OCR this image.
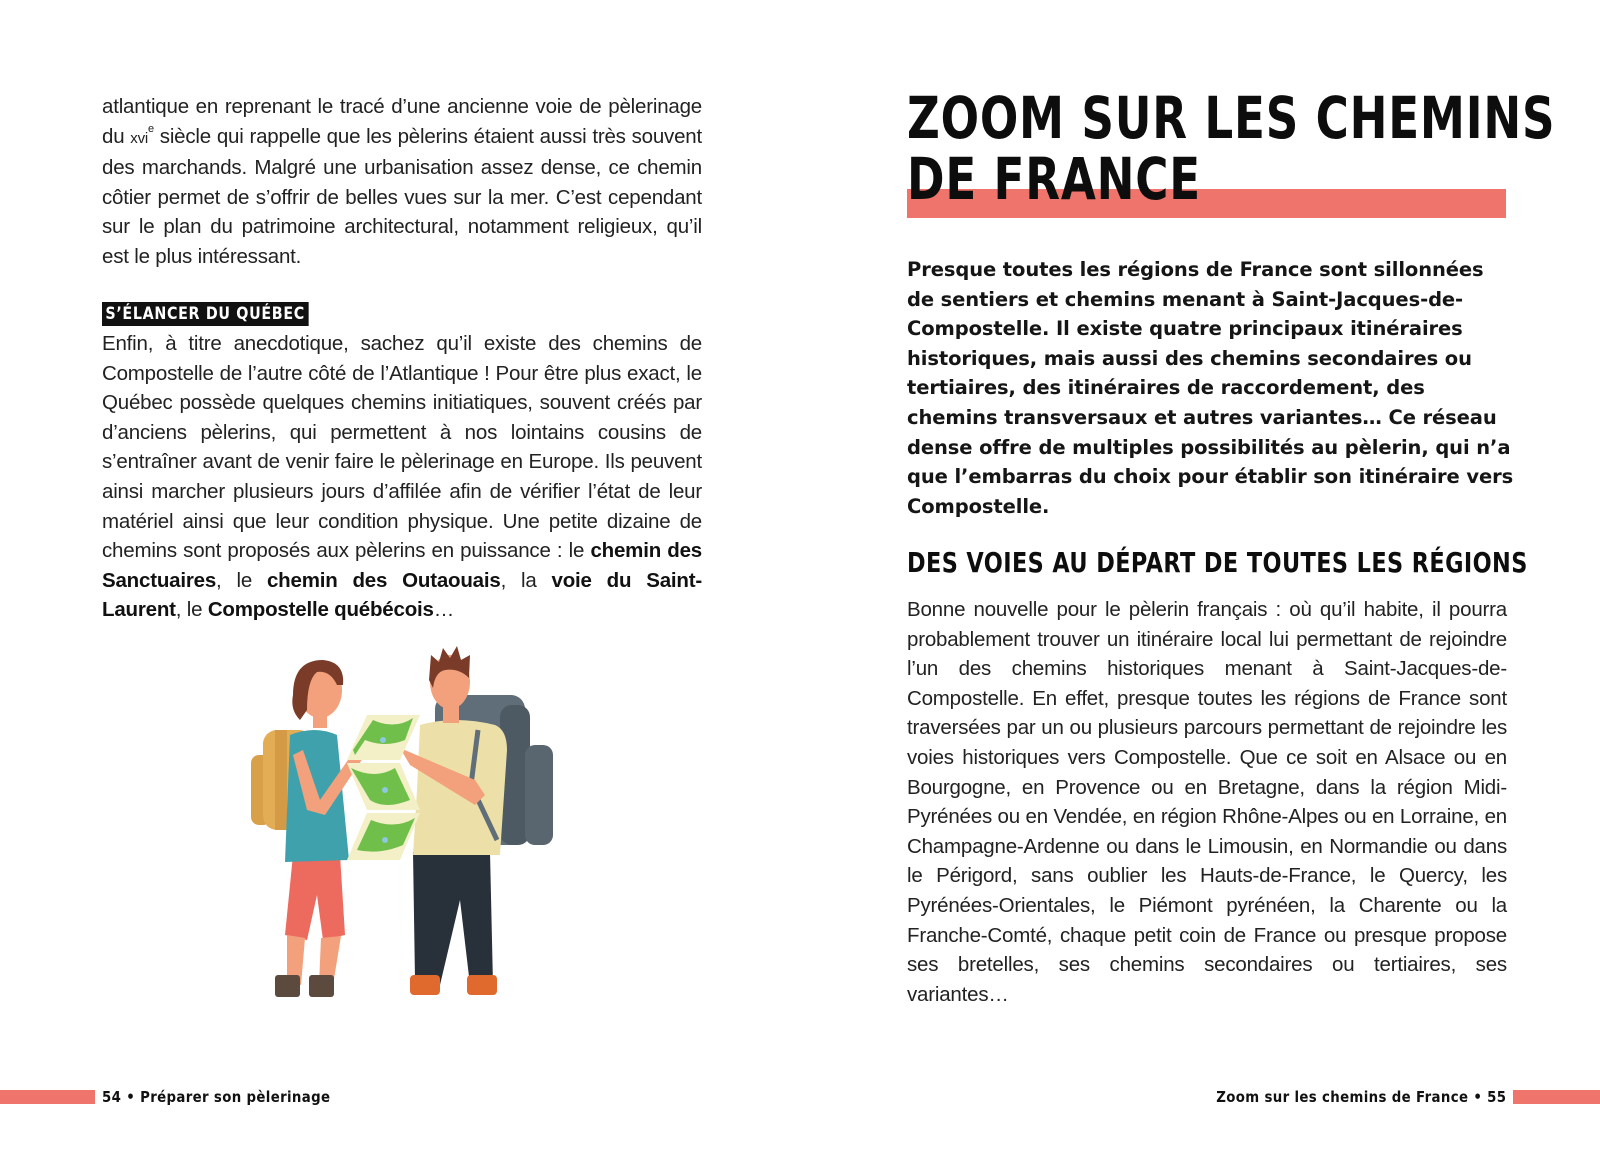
atlantique en reprenant le tracé d’une ancienne voie de pèlerinage du xvi$^e$ siècle qui rappelle que les pèlerins étaient aussi très souvent des marchands. Malgré une urbanisation assez dense, ce chemin côtier permet de s’offrir de belles vues sur la mer. C’est cependant sur le plan du patrimoine architectural, notamment religieux, qu’il est le plus intéressant.

S’ÉLANCER DU QUÉBEC

Enfin, à titre anecdotique, sachez qu’il existe des chemins de Compostelle de l’autre côté de l’Atlantique ! Pour être plus exact, le Québec possède quelques chemins initiatiques, souvent créés par d’anciens pèlerins, qui permettent à nos lointains cousins de s’entraîner avant de venir faire le pèlerinage en Europe. Ils peuvent ainsi marcher plusieurs jours d’affilée afin de vérifier l’état de leur matériel ainsi que leur condition physique. Une petite dizaine de chemins sont proposés aux pèlerins en puissance : le chemin des Sanctuaires, le chemin des Outaouais, la voie du Saint-Laurent, le Compostelle québécois…

54 • Préparer son pèlerinage
ZOOM SUR LES CHEMINS
DE FRANCE

Presque toutes les régions de France sont sillonnées de sentiers et chemins menant à Saint-Jacques-de-Compostelle. Il existe quatre principaux itinéraires historiques, mais aussi des chemins secondaires ou tertiaires, des itinéraires de raccordement, des chemins transversaux et autres variantes… Ce réseau dense offre de multiples possibilités au pèlerin, qui n’a que l’embarras du choix pour établir son itinéraire vers Compostelle.

DES VOIES AU DÉPART DE TOUTES LES RÉGIONS

Bonne nouvelle pour le pèlerin français : où qu’il habite, il pourra probablement trouver un itinéraire local lui permettant de rejoindre l’un des chemins historiques menant à Saint-Jacques-de-Compostelle. En effet, presque toutes les régions de France sont traversées par un ou plusieurs parcours permettant de rejoindre les voies historiques vers Compostelle. Que ce soit en Alsace ou en Bourgogne, en Provence ou en Bretagne, dans la région Midi-Pyrénées ou en Vendée, en région Rhône-Alpes ou en Lorraine, en Champagne-Ardenne ou dans le Limousin, en Normandie ou dans le Périgord, sans oublier les Hauts-de-France, le Quercy, les Pyrénées-Orientales, le Piémont pyrénéen, la Charente ou la Franche-Comté, chaque petit coin de France ou presque propose ses bretelles, ses chemins secondaires ou tertiaires, ses variantes…

Zoom sur les chemins de France • 55
